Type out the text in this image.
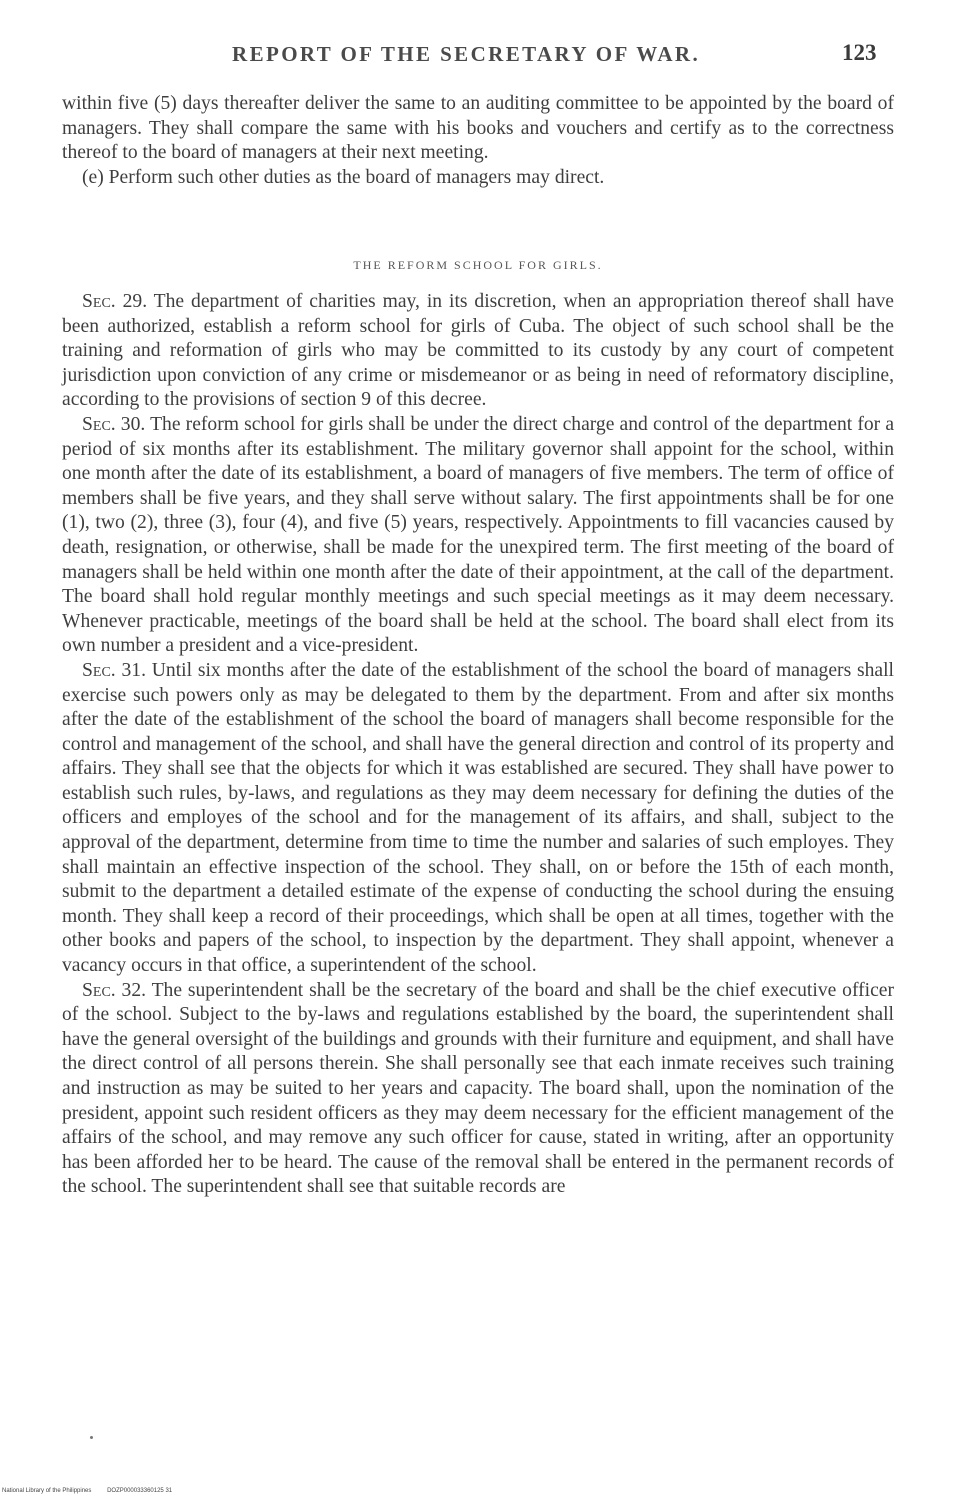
REPORT OF THE SECRETARY OF WAR.	123

within five (5) days thereafter deliver the same to an auditing committee to be appointed by the board of managers. They shall compare the same with his books and vouchers and certify as to the correctness thereof to the board of managers at their next meeting.

(e) Perform such other duties as the board of managers may direct.

THE REFORM SCHOOL FOR GIRLS.

Sec. 29. The department of charities may, in its discretion, when an appropriation thereof shall have been authorized, establish a reform school for girls of Cuba. The object of such school shall be the training and reformation of girls who may be committed to its custody by any court of competent jurisdiction upon conviction of any crime or misdemeanor or as being in need of reformatory discipline, according to the provisions of section 9 of this decree.

Sec. 30. The reform school for girls shall be under the direct charge and control of the department for a period of six months after its establishment. The military governor shall appoint for the school, within one month after the date of its establishment, a board of managers of five members. The term of office of members shall be five years, and they shall serve without salary. The first appointments shall be for one (1), two (2), three (3), four (4), and five (5) years, respectively. Appointments to fill vacancies caused by death, resignation, or otherwise, shall be made for the unexpired term. The first meeting of the board of managers shall be held within one month after the date of their appointment, at the call of the department. The board shall hold regular monthly meetings and such special meetings as it may deem necessary. Whenever practicable, meetings of the board shall be held at the school. The board shall elect from its own number a president and a vice-president.

Sec. 31. Until six months after the date of the establishment of the school the board of managers shall exercise such powers only as may be delegated to them by the department. From and after six months after the date of the establishment of the school the board of managers shall become responsible for the control and management of the school, and shall have the general direction and control of its property and affairs. They shall see that the objects for which it was established are secured. They shall have power to establish such rules, by-laws, and regulations as they may deem necessary for defining the duties of the officers and employes of the school and for the management of its affairs, and shall, subject to the approval of the department, determine from time to time the number and salaries of such employes. They shall maintain an effective inspection of the school. They shall, on or before the 15th of each month, submit to the department a detailed estimate of the expense of conducting the school during the ensuing month. They shall keep a record of their proceedings, which shall be open at all times, together with the other books and papers of the school, to inspection by the department. They shall appoint, whenever a vacancy occurs in that office, a superintendent of the school.

Sec. 32. The superintendent shall be the secretary of the board and shall be the chief executive officer of the school. Subject to the by-laws and regulations established by the board, the superintendent shall have the general oversight of the buildings and grounds with their furniture and equipment, and shall have the direct control of all persons therein. She shall personally see that each inmate receives such training and instruction as may be suited to her years and capacity. The board shall, upon the nomination of the president, appoint such resident officers as they may deem necessary for the efficient management of the affairs of the school, and may remove any such officer for cause, stated in writing, after an opportunity has been afforded her to be heard. The cause of the removal shall be entered in the permanent records of the school. The superintendent shall see that suitable records are

National Library of the Philippines	DOZP000033360125 31
